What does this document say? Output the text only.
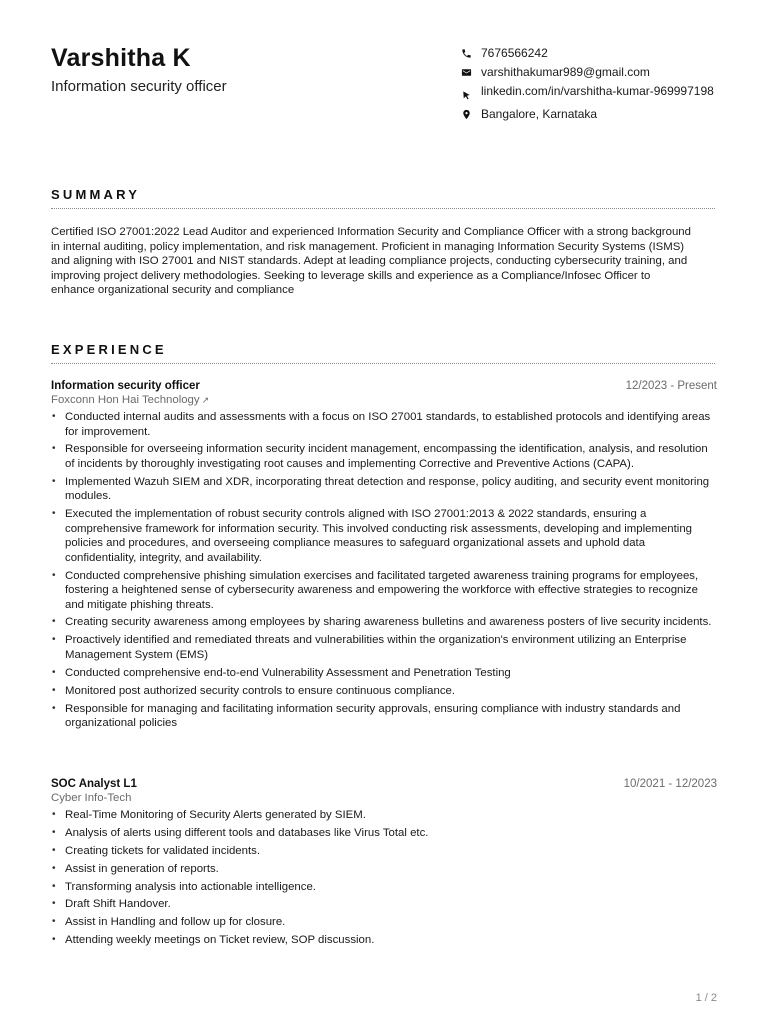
Varshitha K
Information security officer
7676566242
varshithakumar989@gmail.com
linkedin.com/in/varshitha-kumar-969997198
Bangalore, Karnataka
SUMMARY
Certified ISO 27001:2022 Lead Auditor and experienced Information Security and Compliance Officer with a strong background in internal auditing, policy implementation, and risk management. Proficient in managing Information Security Systems (ISMS) and aligning with ISO 27001 and NIST standards. Adept at leading compliance projects, conducting cybersecurity training, and improving project delivery methodologies. Seeking to leverage skills and experience as a Compliance/Infosec Officer to enhance organizational security and compliance
EXPERIENCE
Information security officer	12/2023 - Present
Foxconn Hon Hai Technology ↗
• Conducted internal audits and assessments with a focus on ISO 27001 standards, to established protocols and identifying areas for improvement.
• Responsible for overseeing information security incident management, encompassing the identification, analysis, and resolution of incidents by thoroughly investigating root causes and implementing Corrective and Preventive Actions (CAPA).
• Implemented Wazuh SIEM and XDR, incorporating threat detection and response, policy auditing, and security event monitoring modules.
• Executed the implementation of robust security controls aligned with ISO 27001:2013 & 2022 standards, ensuring a comprehensive framework for information security. This involved conducting risk assessments, developing and implementing policies and procedures, and overseeing compliance measures to safeguard organizational assets and uphold data confidentiality, integrity, and availability.
• Conducted comprehensive phishing simulation exercises and facilitated targeted awareness training programs for employees, fostering a heightened sense of cybersecurity awareness and empowering the workforce with effective strategies to recognize and mitigate phishing threats.
• Creating security awareness among employees by sharing awareness bulletins and awareness posters of live security incidents.
• Proactively identified and remediated threats and vulnerabilities within the organization's environment utilizing an Enterprise Management System (EMS)
• Conducted comprehensive end-to-end Vulnerability Assessment and Penetration Testing
• Monitored post authorized security controls to ensure continuous compliance.
• Responsible for managing and facilitating information security approvals, ensuring compliance with industry standards and organizational policies
SOC Analyst L1	10/2021 - 12/2023
Cyber Info-Tech
• Real-Time Monitoring of Security Alerts generated by SIEM.
• Analysis of alerts using different tools and databases like Virus Total etc.
• Creating tickets for validated incidents.
• Assist in generation of reports.
• Transforming analysis into actionable intelligence.
• Draft Shift Handover.
• Assist in Handling and follow up for closure.
• Attending weekly meetings on Ticket review, SOP discussion.
1 / 2
